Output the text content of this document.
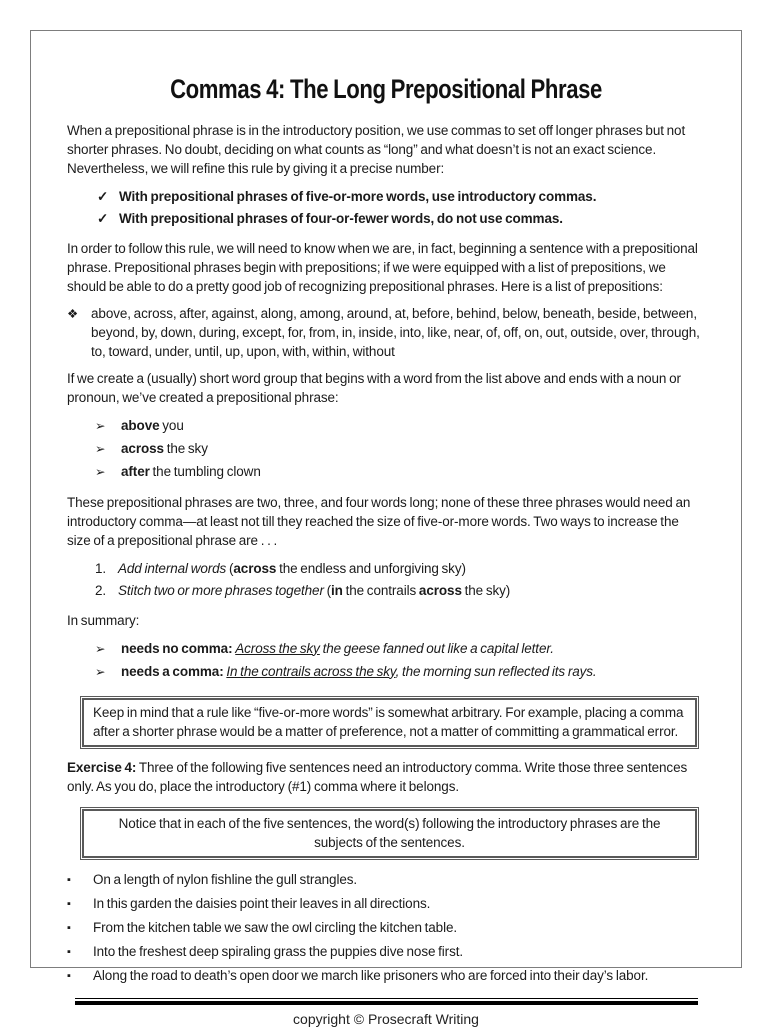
Commas 4: The Long Prepositional Phrase

When a prepositional phrase is in the introductory position, we use commas to set off longer phrases but not shorter phrases. No doubt, deciding on what counts as “long” and what doesn’t is not an exact science. Nevertheless, we will refine this rule by giving it a precise number:

✓ With prepositional phrases of five-or-more words, use introductory commas.
✓ With prepositional phrases of four-or-fewer words, do not use commas.

In order to follow this rule, we will need to know when we are, in fact, beginning a sentence with a prepositional phrase. Prepositional phrases begin with prepositions; if we were equipped with a list of prepositions, we should be able to do a pretty good job of recognizing prepositional phrases. Here is a list of prepositions:

❖ above, across, after, against, along, among, around, at, before, behind, below, beneath, beside, between, beyond, by, down, during, except, for, from, in, inside, into, like, near, of, off, on, out, outside, over, through, to, toward, under, until, up, upon, with, within, without

If we create a (usually) short word group that begins with a word from the list above and ends with a noun or pronoun, we’ve created a prepositional phrase:

➢	above you
➢	across the sky
➢	after the tumbling clown

These prepositional phrases are two, three, and four words long; none of these three phrases would need an introductory comma—at least not till they reached the size of five-or-more words. Two ways to increase the size of a prepositional phrase are . . .

1. Add internal words (across the endless and unforgiving sky)
2. Stitch two or more phrases together (in the contrails across the sky)

In summary:

➢	needs no comma: Across the sky the geese fanned out like a capital letter.
➢	needs a comma: In the contrails across the sky, the morning sun reflected its rays.

Keep in mind that a rule like “five-or-more words” is somewhat arbitrary. For example, placing a comma after a shorter phrase would be a matter of preference, not a matter of committing a grammatical error.

Exercise 4: Three of the following five sentences need an introductory comma. Write those three sentences only. As you do, place the introductory (#1) comma where it belongs.

Notice that in each of the five sentences, the word(s) following the introductory phrases are the subjects of the sentences.

▪	On a length of nylon fishline the gull strangles.
▪	In this garden the daisies point their leaves in all directions.
▪	From the kitchen table we saw the owl circling the kitchen table.
▪	Into the freshest deep spiraling grass the puppies dive nose first.
▪	Along the road to death’s open door we march like prisoners who are forced into their day’s labor.

copyright © Prosecraft Writing
